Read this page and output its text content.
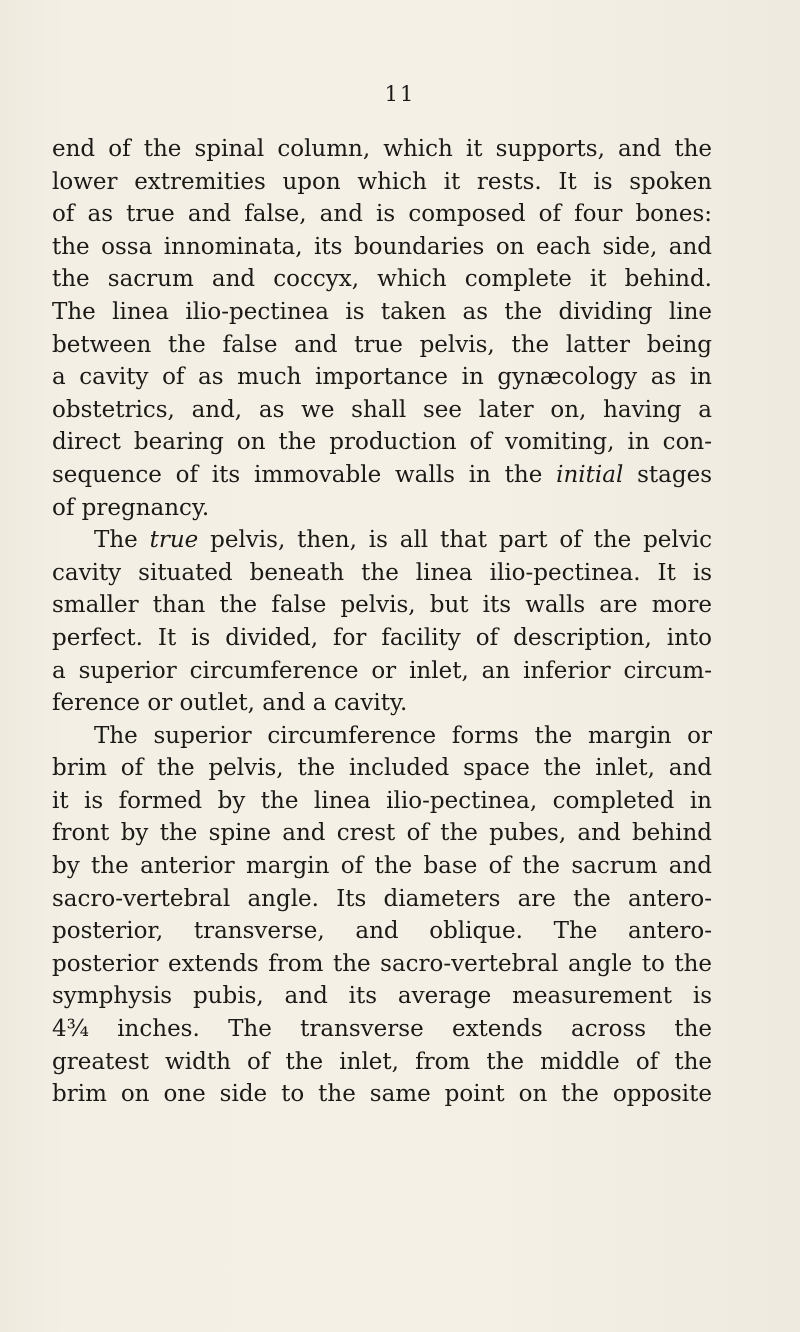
11
end of the spinal column, which it supports, and the
lower extremities upon which it rests. It is spoken
of as true and false, and is composed of four bones:
the ossa innominata, its boundaries on each side, and
the sacrum and coccyx, which complete it behind.
The linea ilio-pectinea is taken as the dividing line
between the false and true pelvis, the latter being
a cavity of as much importance in gynæcology as in
obstetrics, and, as we shall see later on, having a
direct bearing on the production of vomiting, in con-
sequence of its immovable walls in the initial stages
of pregnancy.
The true pelvis, then, is all that part of the pelvic
cavity situated beneath the linea ilio-pectinea. It is
smaller than the false pelvis, but its walls are more
perfect. It is divided, for facility of description, into
a superior circumference or inlet, an inferior circum-
ference or outlet, and a cavity.
The superior circumference forms the margin or
brim of the pelvis, the included space the inlet, and
it is formed by the linea ilio-pectinea, completed in
front by the spine and crest of the pubes, and behind
by the anterior margin of the base of the sacrum and
sacro-vertebral angle. Its diameters are the antero-
posterior, transverse, and oblique. The antero-
posterior extends from the sacro-vertebral angle to the
symphysis pubis, and its average measurement is
4¾ inches. The transverse extends across the
greatest width of the inlet, from the middle of the
brim on one side to the same point on the opposite
